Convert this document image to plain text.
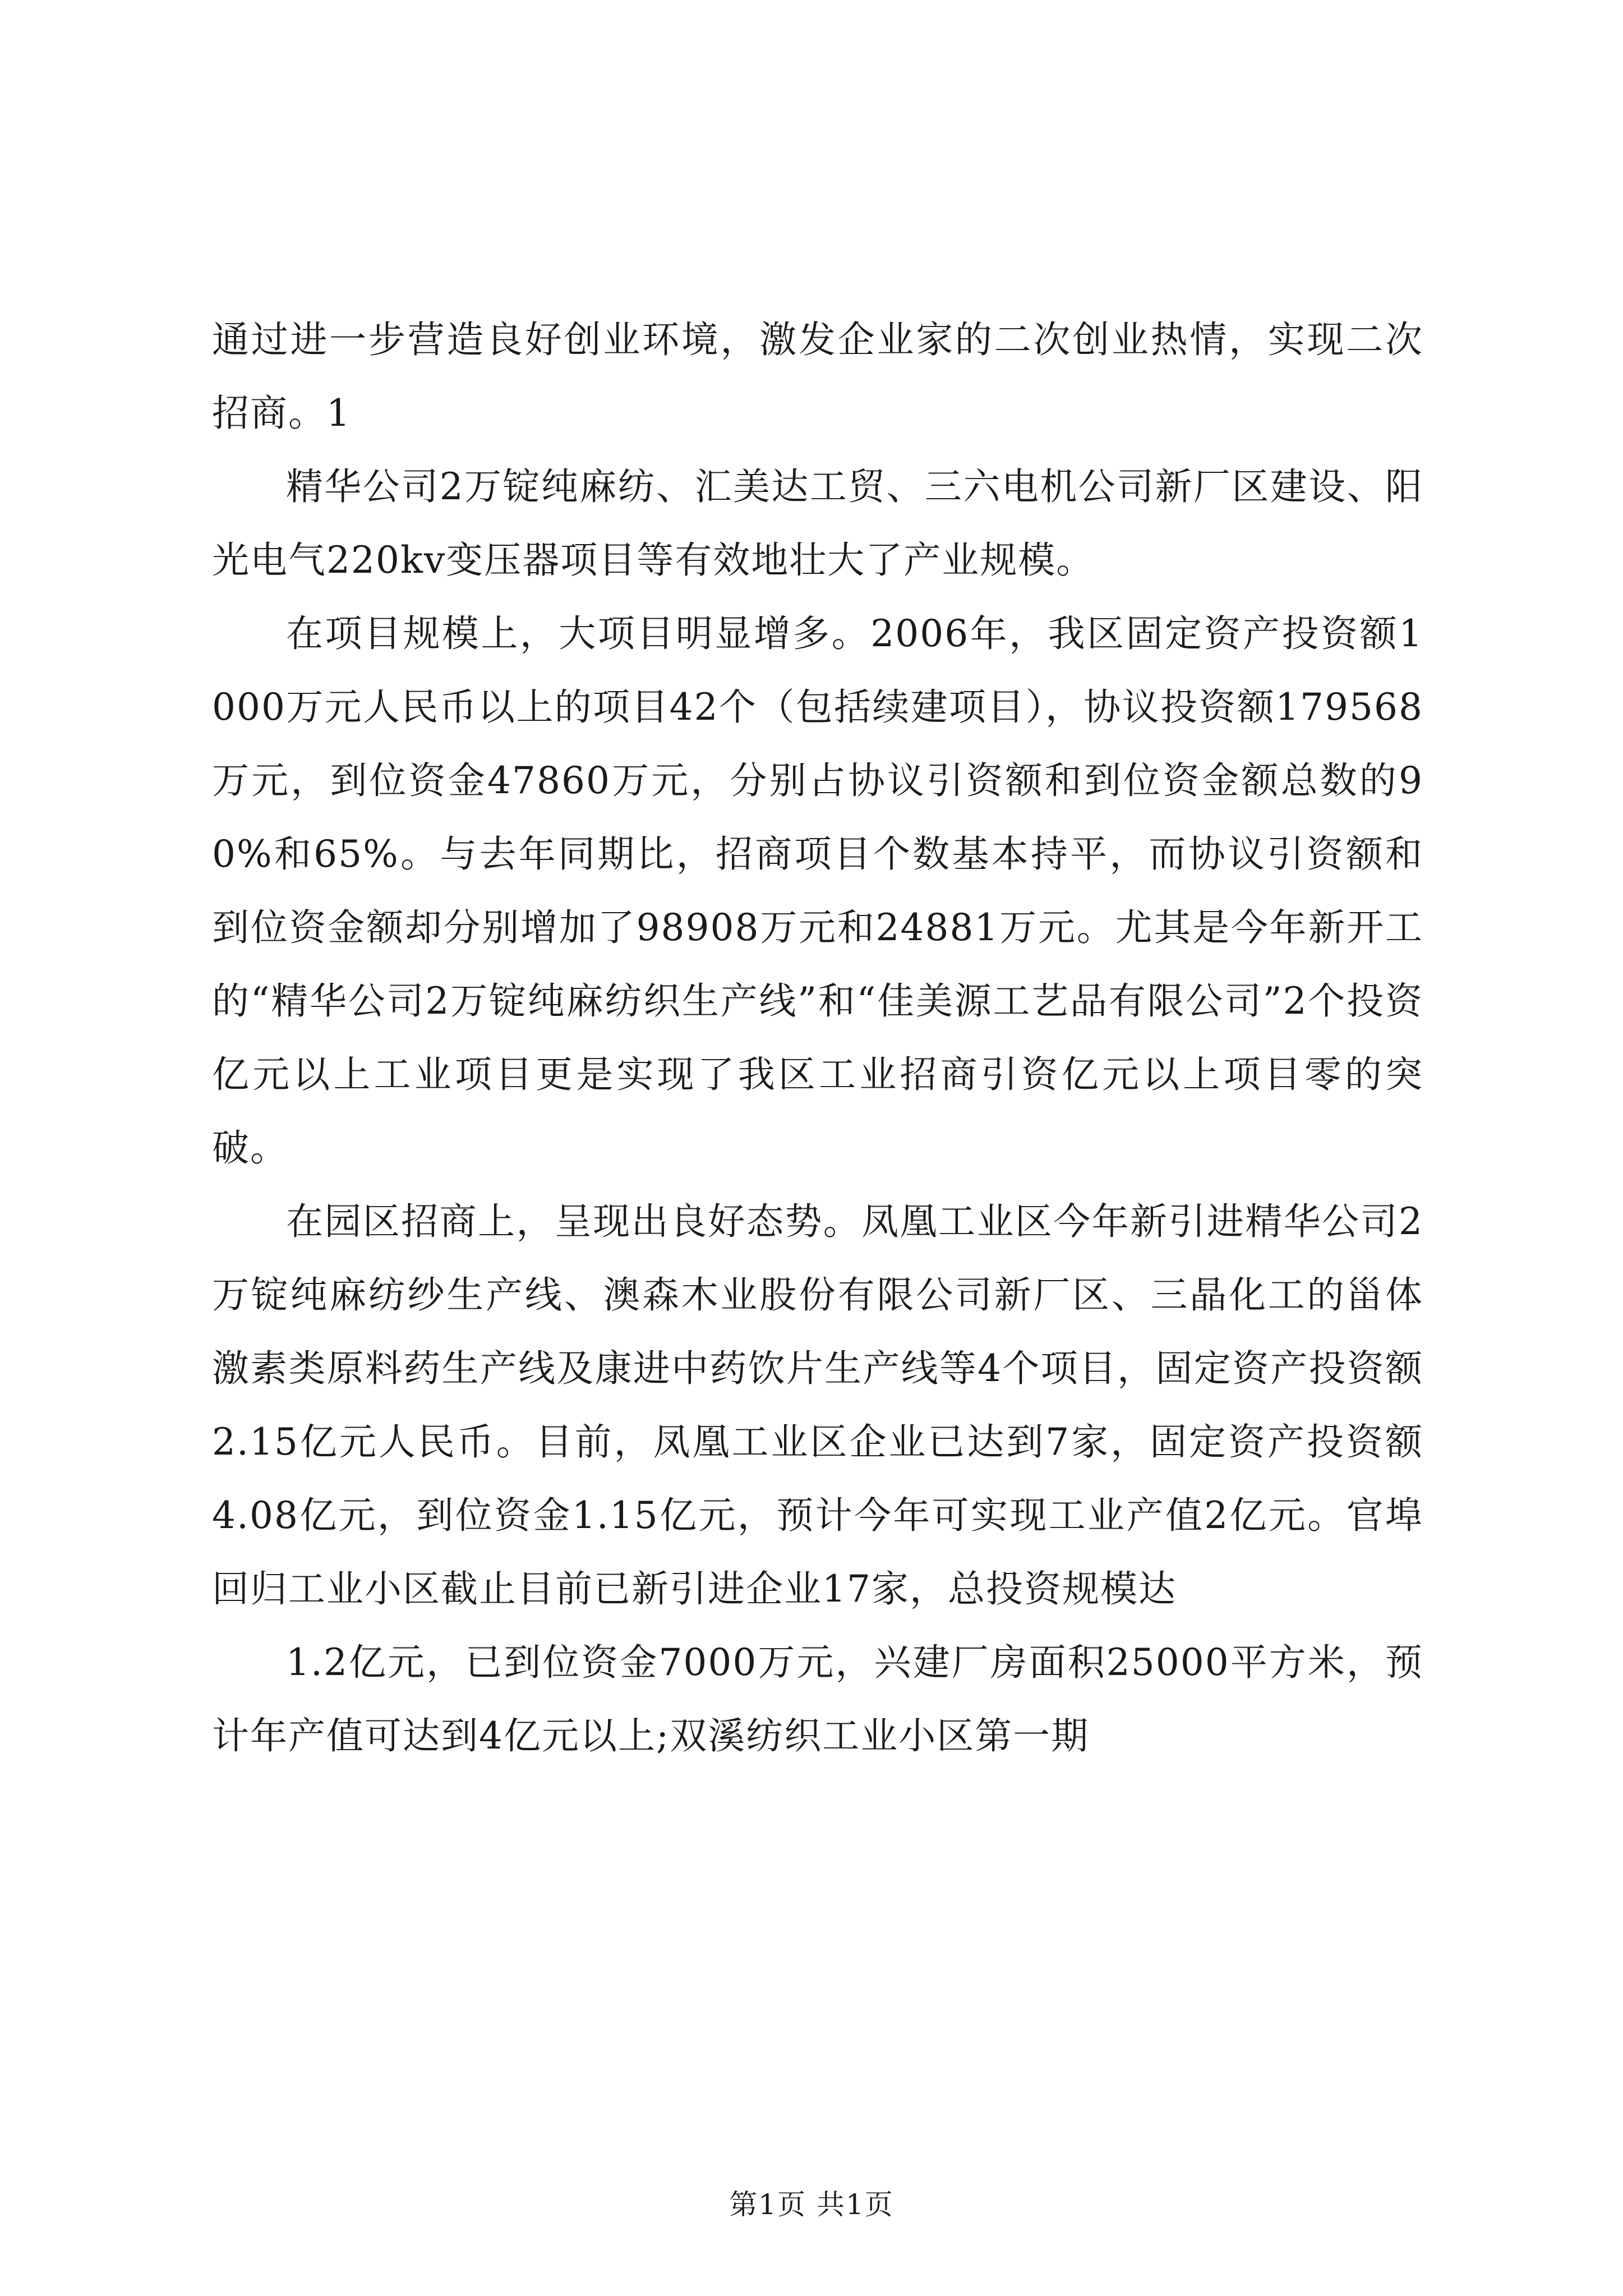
通过进一步营造良好创业环境，激发企业家的二次创业热情，实现二次招商。1

精华公司2万锭纯麻纺、汇美达工贸、三六电机公司新厂区建设、阳光电气220kv变压器项目等有效地壮大了产业规模。

在项目规模上，大项目明显增多。2006年，我区固定资产投资额1000万元人民币以上的项目42个（包括续建项目），协议投资额179568万元，到位资金47860万元，分别占协议引资额和到位资金额总数的90%和65%。与去年同期比，招商项目个数基本持平，而协议引资额和到位资金额却分别增加了98908万元和24881万元。尤其是今年新开工的“精华公司2万锭纯麻纺织生产线”和“佳美源工艺品有限公司”2个投资亿元以上工业项目更是实现了我区工业招商引资亿元以上项目零的突破。

在园区招商上，呈现出良好态势。凤凰工业区今年新引进精华公司2万锭纯麻纺纱生产线、澳森木业股份有限公司新厂区、三晶化工的甾体激素类原料药生产线及康进中药饮片生产线等4个项目，固定资产投资额2.15亿元人民币。目前，凤凰工业区企业已达到7家，固定资产投资额4.08亿元，到位资金1.15亿元，预计今年可实现工业产值2亿元。官埠回归工业小区截止目前已新引进企业17家，总投资规模达

1.2亿元，已到位资金7000万元，兴建厂房面积25000平方米，预计年产值可达到4亿元以上;双溪纺织工业小区第一期

第1页 共1页
